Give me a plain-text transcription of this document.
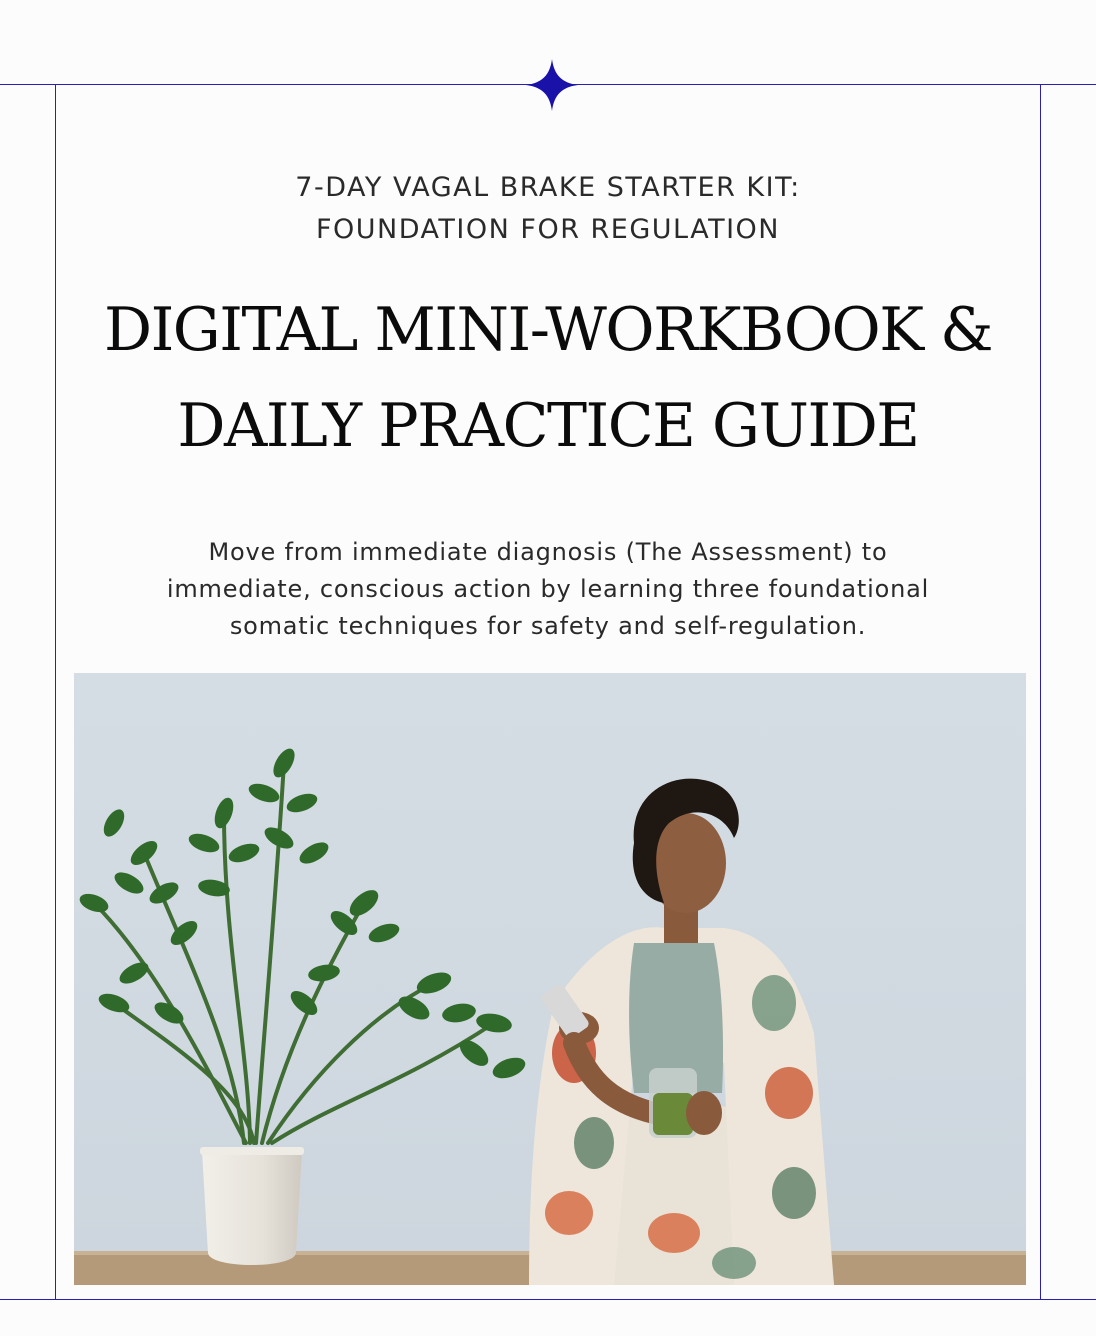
7-DAY VAGAL BRAKE STARTER KIT:
FOUNDATION FOR REGULATION
DIGITAL MINI-WORKBOOK &
DAILY PRACTICE GUIDE
Move from immediate diagnosis (The Assessment) to
immediate, conscious action by learning three foundational
somatic techniques for safety and self-regulation.
